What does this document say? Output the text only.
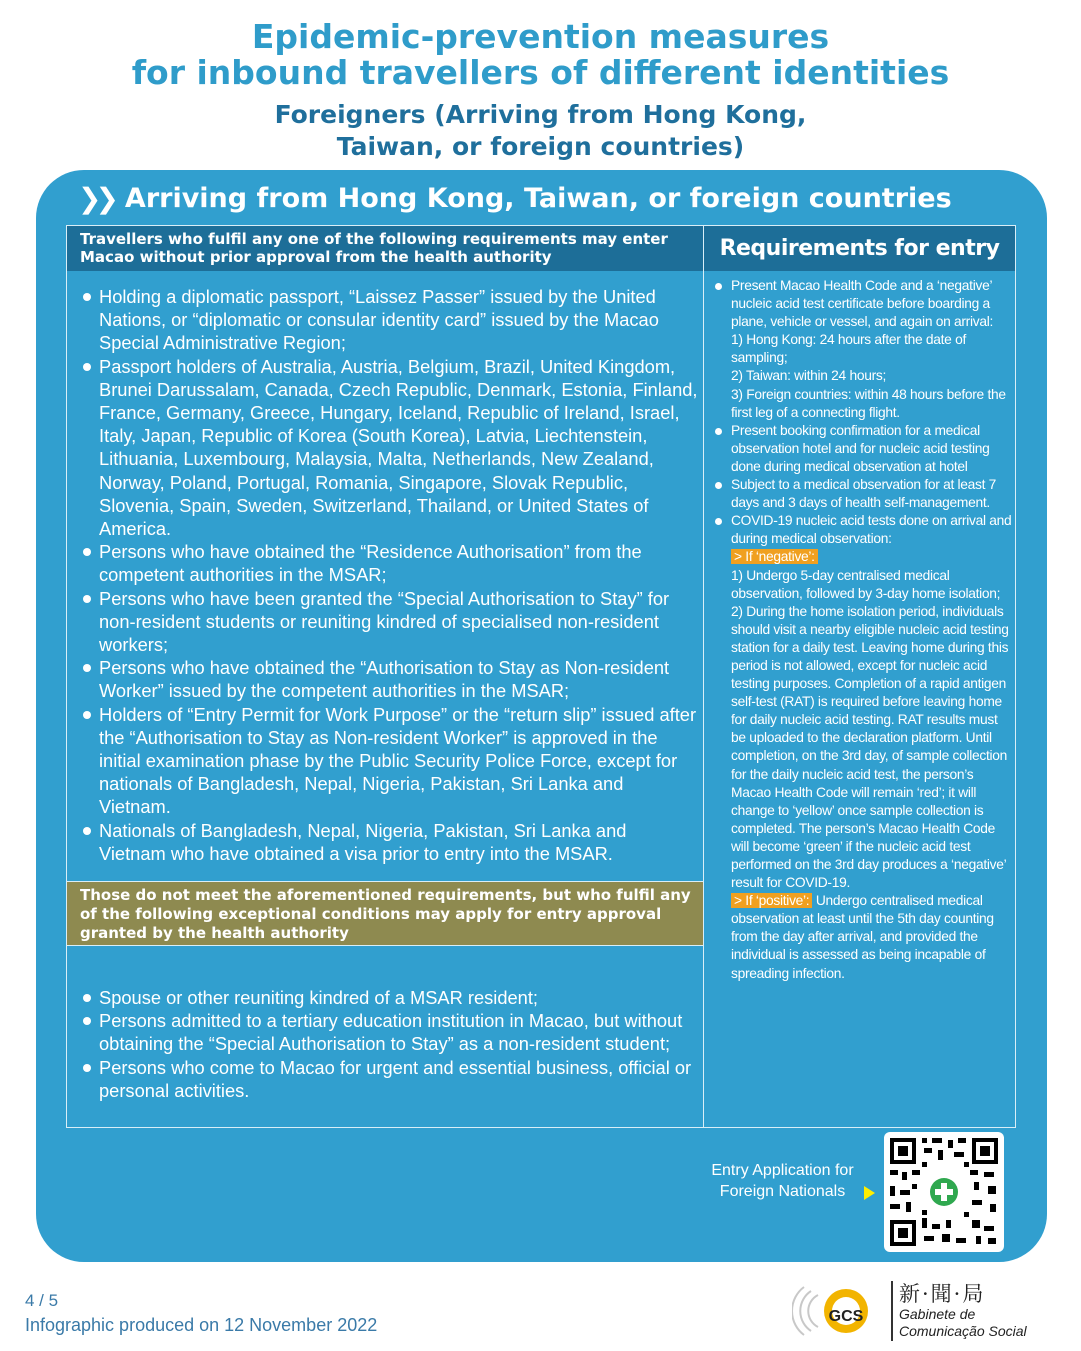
Epidemic-prevention measures
for inbound travellers of different identities
Foreigners (Arriving from Hong Kong,
Taiwan, or foreign countries)
❯❯ Arriving from Hong Kong, Taiwan, or foreign countries
Travellers who fulfil any one of the following requirements may enter Macao without prior approval from the health authority	Requirements for entry
Holding a diplomatic passport, “Laissez Passer” issued by the United Nations, or “diplomatic or consular identity card” issued by the Macao Special Administrative Region;
Passport holders of Australia, Austria, Belgium, Brazil, United Kingdom, Brunei Darussalam, Canada, Czech Republic, Denmark, Estonia, Finland, France, Germany, Greece, Hungary, Iceland, Republic of Ireland, Israel, Italy, Japan, Republic of Korea (South Korea), Latvia, Liechtenstein, Lithuania, Luxembourg, Malaysia, Malta, Netherlands, New Zealand, Norway, Poland, Portugal, Romania, Singapore, Slovak Republic, Slovenia, Spain, Sweden, Switzerland, Thailand, or United States of America.
Persons who have obtained the “Residence Authorisation” from the competent authorities in the MSAR;
Persons who have been granted the “Special Authorisation to Stay” for non-resident students or reuniting kindred of specialised non-resident workers;
Persons who have obtained the “Authorisation to Stay as Non-resident Worker” issued by the competent authorities in the MSAR;
Holders of “Entry Permit for Work Purpose” or the “return slip” issued after the “Authorisation to Stay as Non-resident Worker” is approved in the initial examination phase by the Public Security Police Force, except for nationals of Bangladesh, Nepal, Nigeria, Pakistan, Sri Lanka and Vietnam.
Nationals of Bangladesh, Nepal, Nigeria, Pakistan, Sri Lanka and Vietnam who have obtained a visa prior to entry into the MSAR.
Those do not meet the aforementioned requirements, but who fulfil any of the following exceptional conditions may apply for entry approval granted by the health authority
Spouse or other reuniting kindred of a MSAR resident;
Persons admitted to a tertiary education institution in Macao, but without obtaining the “Special Authorisation to Stay” as a non-resident student;
Persons who come to Macao for urgent and essential business, official or personal activities.
Present Macao Health Code and a ‘negative’ nucleic acid test certificate before boarding a plane, vehicle or vessel, and again on arrival:
1) Hong Kong: 24 hours after the date of sampling;
2) Taiwan: within 24 hours;
3) Foreign countries: within 48 hours before the first leg of a connecting flight.
Present booking confirmation for a medical observation hotel and for nucleic acid testing done during medical observation at hotel
Subject to a medical observation for at least 7 days and 3 days of health self-management.
COVID-19 nucleic acid tests done on arrival and during medical observation:
> If ‘negative’:
1) Undergo 5-day centralised medical observation, followed by 3-day home isolation;
2) During the home isolation period, individuals should visit a nearby eligible nucleic acid testing station for a daily test. Leaving home during this period is not allowed, except for nucleic acid testing purposes. Completion of a rapid antigen self-test (RAT) is required before leaving home for daily nucleic acid testing. RAT results must be uploaded to the declaration platform. Until completion, on the 3rd day, of sample collection for the daily nucleic acid test, the person’s Macao Health Code will remain ‘red’; it will change to ‘yellow’ once sample collection is completed. The person’s Macao Health Code will become ‘green’ if the nucleic acid test performed on the 3rd day produces a ‘negative’ result for COVID-19.
> If ‘positive’: Undergo centralised medical observation at least until the 5th day counting from the day after arrival, and provided the individual is assessed as being incapable of spreading infection.
Entry Application for Foreign Nationals
4 / 5
Infographic produced on 12 November 2022	GCS
新·聞·局
Gabinete de
Comunicação Social
